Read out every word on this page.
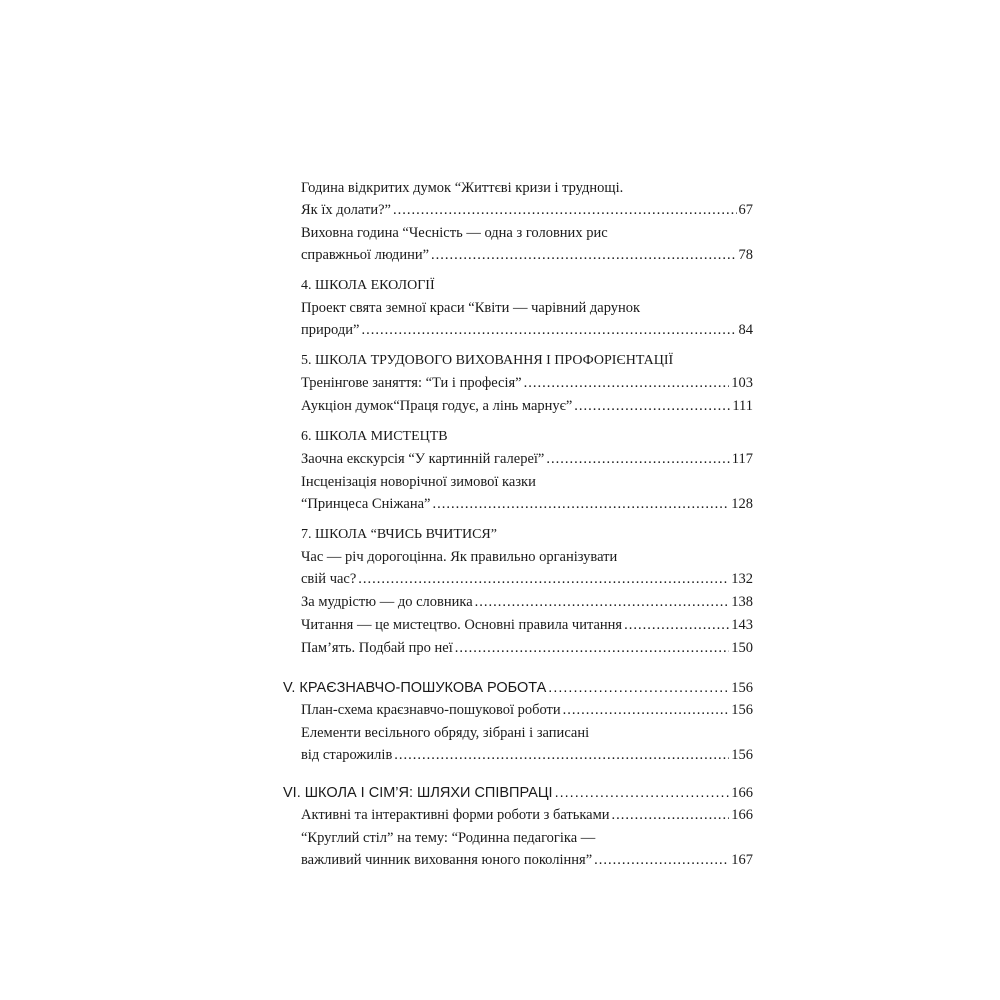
Година відкритих думок “Життєві кризи і труднощі.
Як їх долати?” .....	67
Виховна година “Чесність — одна з головних рис
справжньої людини” .....	78
4. ШКОЛА ЕКОЛОГІЇ
Проект свята земної краси “Квіти — чарівний дарунок
природи” .....	84
5. ШКОЛА ТРУДОВОГО ВИХОВАННЯ І ПРОФОРІЄНТАЦІЇ
Тренінгове заняття: “Ти і професія” .....	103
Аукціон думок“Праця годує, а лінь марнує” .....	111
6. ШКОЛА МИСТЕЦТВ
Заочна екскурсія “У картинній галереї” .....	117
Інсценізація новорічної зимової казки
“Принцеса Сніжана” .....	128
7. ШКОЛА “ВЧИСЬ ВЧИТИСЯ”
Час — річ дорогоцінна. Як правильно організувати
свій час? .....	132
За мудрістю — до словника .....	138
Читання — це мистецтво. Основні правила читання .....	143
Пам’ять. Подбай про неї .....	150
V. КРАЄЗНАВЧО-ПОШУКОВА РОБОТА .....	156
План-схема краєзнавчо-пошукової роботи .....	156
Елементи весільного обряду, зібрані і записані
від старожилів .....	156
VI. ШКОЛА І СІМ’Я: ШЛЯХИ СПІВПРАЦІ .....	166
Активні та інтерактивні форми роботи з батьками .....	166
“Круглий стіл” на тему: “Родинна педагогіка —
важливий чинник виховання юного покоління” .....	167
